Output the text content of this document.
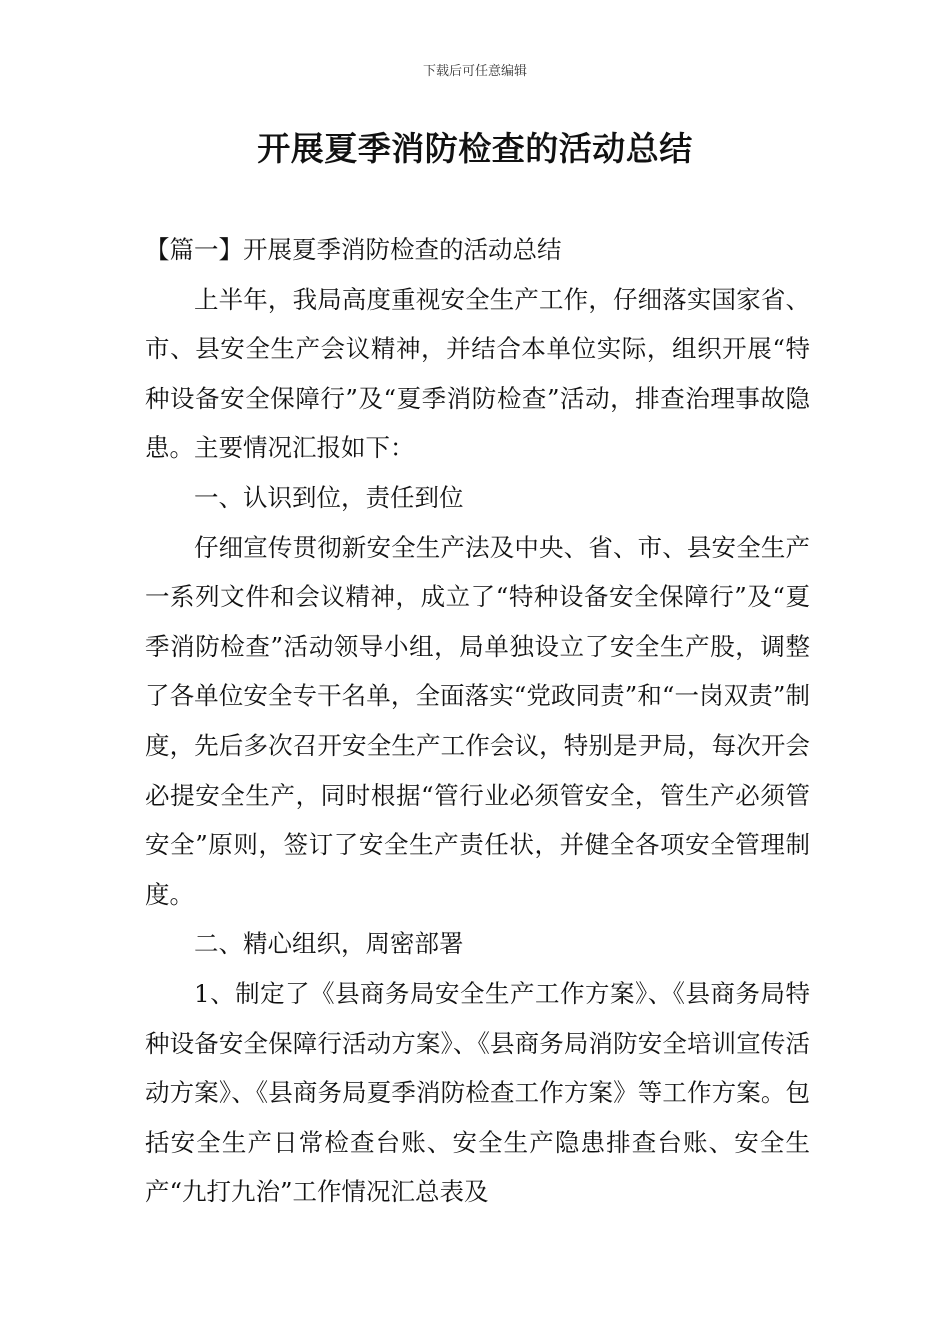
下载后可任意编辑
开展夏季消防检查的活动总结

【篇一】开展夏季消防检查的活动总结

上半年，我局高度重视安全生产工作，仔细落实国家省、市、县安全生产会议精神，并结合本单位实际，组织开展“特种设备安全保障行”及“夏季消防检查”活动，排查治理事故隐患。主要情况汇报如下：

一、认识到位，责任到位

仔细宣传贯彻新安全生产法及中央、省、市、县安全生产一系列文件和会议精神，成立了“特种设备安全保障行”及“夏季消防检查”活动领导小组，局单独设立了安全生产股，调整了各单位安全专干名单，全面落实“党政同责”和“一岗双责”制度，先后多次召开安全生产工作会议，特别是尹局，每次开会必提安全生产，同时根据“管行业必须管安全，管生产必须管安全”原则，签订了安全生产责任状，并健全各项安全管理制度。

二、精心组织，周密部署

1、制定了《县商务局安全生产工作方案》、《县商务局特种设备安全保障行活动方案》、《县商务局消防安全培训宣传活动方案》、《县商务局夏季消防检查工作方案》等工作方案。包括安全生产日常检查台账、安全生产隐患排查台账、安全生产“九打九治”工作情况汇总表及
